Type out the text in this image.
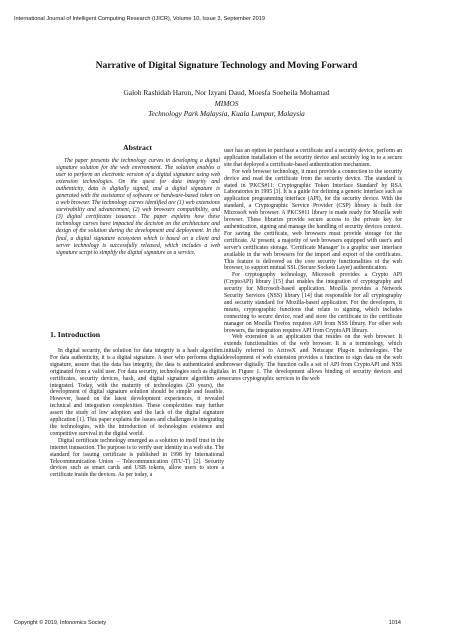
International Journal of Intelligent Computing Research (IJICR), Volume 10, Issue 3, September 2019
Narrative of Digital Signature Technology and Moving Forward
Galoh Rashidah Haron, Nor Izyani Daud, Moesfa Soeheila Mohamad
MIMOS
Technology Park Malaysia, Kuala Lumpur, Malaysia
Abstract

The paper presents the technology curves in developing a digital signature solution for the web environment. The solution enables a user to perform an electronic version of a digital signature using web extension technologies. On the quest for data integrity and authenticity, data is digitally signed, and a digital signature is generated with the assistance of software or hardware-based token on a web browser. The technology curves identified are (1) web extensions survivability and advancement, (2) web browsers compatibility, and (3) digital certificates issuance. The paper explains how these technology curves have impacted the decision on the architecture and design of the solution during the development and deployment. In the final, a digital signature ecosystem which is based on a client and server technology is successfully released, which includes a web signature script to simplify the digital signature as a service.

1. Introduction

In digital security, the solution for data integrity is a hash algorithm. For data authenticity, it is a digital signature. A user who performs digital signature, assure that the data has integrity, the data is authenticated and originated from a valid user. For data security, technologies such as digital certificates, security devices, hash, and digital signature algorithm are integrated. Today, with the maturity of technologies (20 years), the development of digital signature solution should be simple and feasible. However, based on the latest development experiences, it revealed technical and integration complexities. These complexities may further assert the study of low adoption and the lack of the digital signature application [1]. This paper explains the issues and challenges in integrating the technologies, with the introduction of technologies existence and competitive survival in the digital world.

Digital certificate technology emerged as a solution to instil trust in the internet transaction. The purpose is to verify user identity in a web site. The standard for issuing certificate is published in 1998 by International Telecommunication Union – Telecommunication (ITU-T) [2]. Security devices such as smart cards and USB tokens, allow users to store a certificate inside the devices. As per today, a

user has an option to purchase a certificate and a security device, perform an application installation of the security device and securely log in to a secure site that deployed a certificate-based authentication mechanism.

For web browser technology, it must provide a connection to the security device and read the certificate from the security device. The standard is stated in 'PKCS#11: Cryptographic Token Interface Standard' by RSA Laboratories in 1995 [3]. It is a guide for defining a generic interface such as application programming interface (API), for the security device. With the standard, a Cryptographic Service Provider (CSP) library is built for Microsoft web browser. A PKCS#11 library is made ready for Mozilla web browser. These libraries provide secure access to the private key for authentication, signing and manage the handling of security devices context. For saving the certificate, web browsers must provide storage for the certificate. At present, a majority of web browsers equipped with user's and server's certificates storage. 'Certificate Manager' is a graphic user interface available in the web browsers for the import and export of the certificates. This feature is delivered as the core security functionalities of the web browser, to support mutual SSL (Secure Sockets Layer) authentication.

For cryptography technology, Microsoft provides a Crypto API (CryptoAPI) library [15] that enables the integration of cryptography and security for Microsoft-based application. Mozilla provides a Network Security Services (NSS) library [14] that responsible for all cryptography and security standard for Mozilla-based application. For the developers, it means, cryptographic functions that relate to signing, which includes connecting to secure device, read and store the certificate to the certificate manager on Mozilla Firefox requires API from NSS library. For other web browsers, the integration requires API from CryptoAPI library.

Web extension is an application that resides on the web browser. It extends functionalities of the web browser. It is a terminology, which initially referred to ActiveX and Netscape Plug-in technologies. The development of web extension provides a function to sign data on the web browser digitally. The function calls a set of API from CryptoAPI and NSS as in Figure 1. The development allows binding of security devices and secures cryptographic services in the web

Copyright © 2019, Infonomics Society	1014
